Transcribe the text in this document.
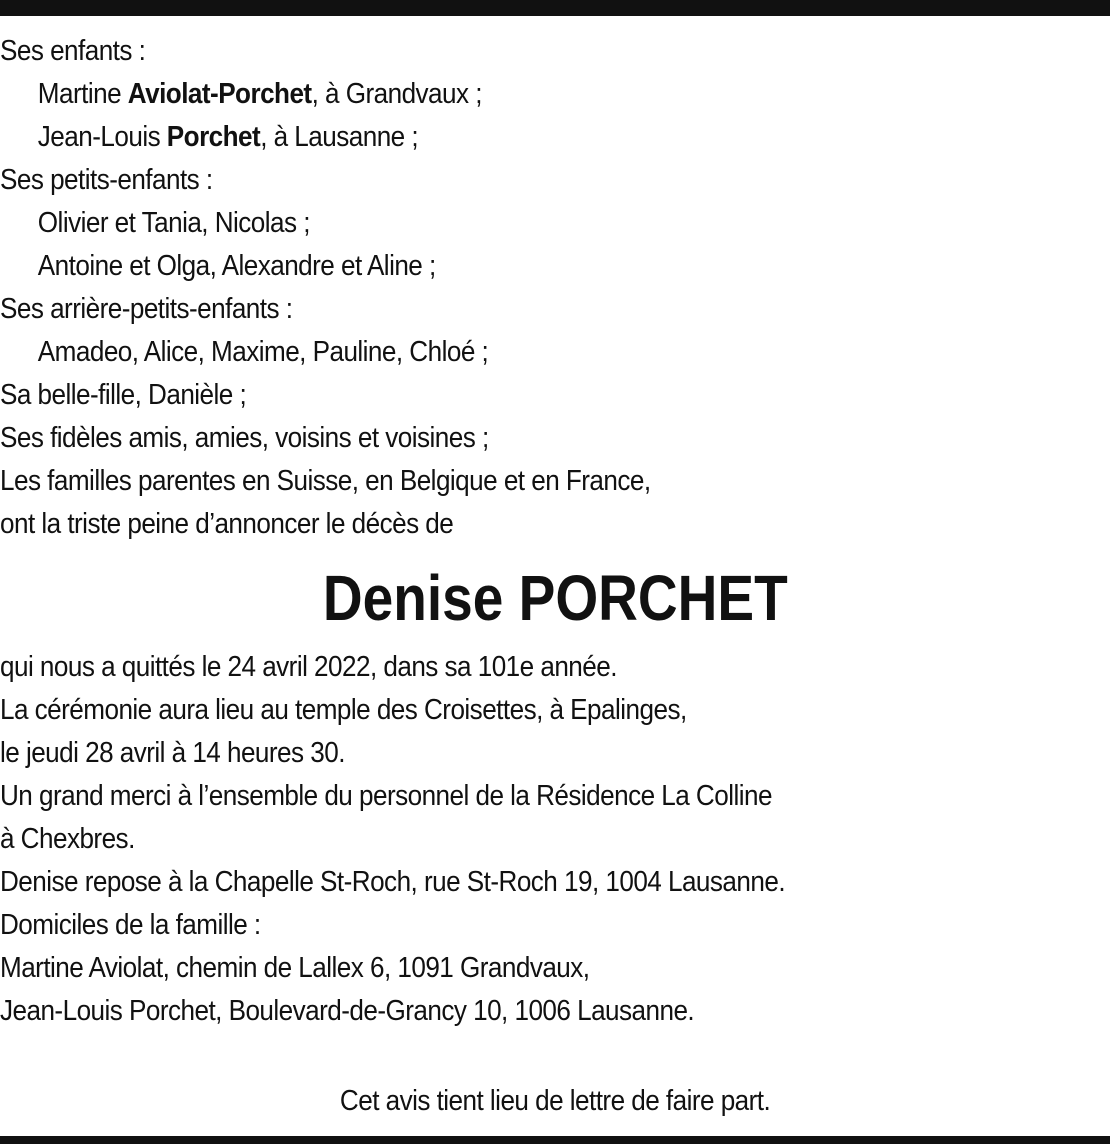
Ses enfants :
Martine Aviolat-Porchet, à Grandvaux ;
Jean-Louis Porchet, à Lausanne ;
Ses petits-enfants :
Olivier et Tania, Nicolas ;
Antoine et Olga, Alexandre et Aline ;
Ses arrière-petits-enfants :
Amadeo, Alice, Maxime, Pauline, Chloé ;
Sa belle-fille, Danièle ;
Ses fidèles amis, amies, voisins et voisines ;
Les familles parentes en Suisse, en Belgique et en France,
ont la triste peine d’annoncer le décès de
Denise PORCHET
qui nous a quittés le 24 avril 2022, dans sa 101e année.
La cérémonie aura lieu au temple des Croisettes, à Epalinges,
le jeudi 28 avril à 14 heures 30.
Un grand merci à l’ensemble du personnel de la Résidence La Colline
à Chexbres.
Denise repose à la Chapelle St-Roch, rue St-Roch 19, 1004 Lausanne.
Domiciles de la famille :
Martine Aviolat, chemin de Lallex 6, 1091 Grandvaux,
Jean-Louis Porchet, Boulevard-de-Grancy 10, 1006 Lausanne.
Cet avis tient lieu de lettre de faire part.
